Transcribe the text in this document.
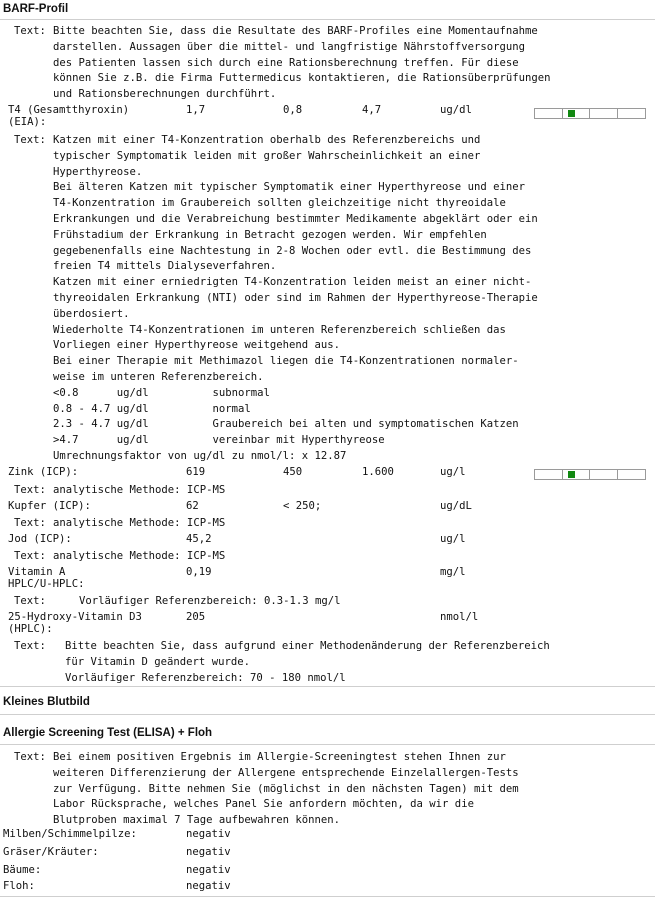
BARF-Profil
Text: Bitte beachten Sie, dass die Resultate des BARF-Profiles eine Momentaufnahme
darstellen. Aussagen über die mittel- und langfristige Nährstoffversorgung
des Patienten lassen sich durch eine Rationsberechnung treffen. Für diese
können Sie z.B. die Firma Futtermedicus kontaktieren, die Rationsüberprüfungen
und Rationsberechnungen durchführt.
T4 (Gesamtthyroxin)
(EIA):
1,7	0,8	4,7	ug/dl
Text: Katzen mit einer T4-Konzentration oberhalb des Referenzbereichs und
typischer Symptomatik leiden mit großer Wahrscheinlichkeit an einer
Hyperthyreose.
Bei älteren Katzen mit typischer Symptomatik einer Hyperthyreose und einer
T4-Konzentration im Graubereich sollten gleichzeitige nicht thyreoidale
Erkrankungen und die Verabreichung bestimmter Medikamente abgeklärt oder ein
Frühstadium der Erkrankung in Betracht gezogen werden. Wir empfehlen
gegebenenfalls eine Nachtestung in 2-8 Wochen oder evtl. die Bestimmung des
freien T4 mittels Dialyseverfahren.
Katzen mit einer erniedrigten T4-Konzentration leiden meist an einer nicht-
thyreoidalen Erkrankung (NTI) oder sind im Rahmen der Hyperthyreose-Therapie
überdosiert.
Wiederholte T4-Konzentrationen im unteren Referenzbereich schließen das
Vorliegen einer Hyperthyreose weitgehend aus.
Bei einer Therapie mit Methimazol liegen die T4-Konzentrationen normaler-
weise im unteren Referenzbereich.
<0.8      ug/dl          subnormal
0.8 - 4.7 ug/dl          normal
2.3 - 4.7 ug/dl          Graubereich bei alten und symptomatischen Katzen
>4.7      ug/dl          vereinbar mit Hyperthyreose
Umrechnungsfaktor von ug/dl zu nmol/l: x 12.87
Zink (ICP):	619	450	1.600	ug/l
Text: analytische Methode: ICP-MS
Kupfer (ICP):	62	< 250;	ug/dL
Text: analytische Methode: ICP-MS
Jod (ICP):	45,2	ug/l
Text: analytische Methode: ICP-MS
Vitamin A
HPLC/U-HPLC:
0,19	mg/l
Text:	Vorläufiger Referenzbereich: 0.3-1.3 mg/l
25-Hydroxy-Vitamin D3
(HPLC):
205	nmol/l
Text: Bitte beachten Sie, dass aufgrund einer Methodenänderung der Referenzbereich
für Vitamin D geändert wurde.
Vorläufiger Referenzbereich: 70 - 180 nmol/l
Kleines Blutbild
Allergie Screening Test (ELISA) + Floh
Text: Bei einem positiven Ergebnis im Allergie-Screeningtest stehen Ihnen zur
weiteren Differenzierung der Allergene entsprechende Einzelallergen-Tests
zur Verfügung. Bitte nehmen Sie (möglichst in den nächsten Tagen) mit dem
Labor Rücksprache, welches Panel Sie anfordern möchten, da wir die
Blutproben maximal 7 Tage aufbewahren können.
Milben/Schimmelpilze:	negativ
Gräser/Kräuter:	negativ
Bäume:	negativ
Floh:	negativ
